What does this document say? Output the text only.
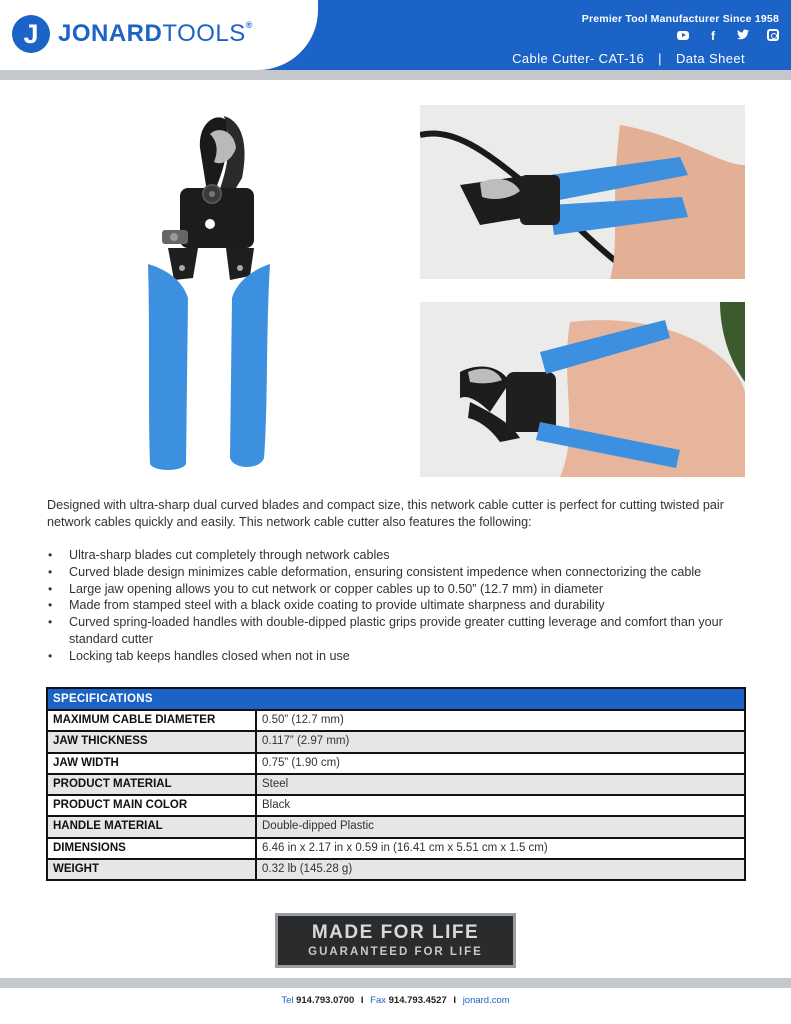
J JONARDTOOLS®	Premier Tool Manufacturer Since 1958
f
Cable Cutter- CAT-16 | Data Sheet

Designed with ultra-sharp dual curved blades and compact size, this network cable cutter is perfect for cutting twisted pair network cables quickly and easily. This network cable cutter also features the following:

• Ultra-sharp blades cut completely through network cables
• Curved blade design minimizes cable deformation, ensuring consistent impedence when connectorizing the cable
• Large jaw opening allows you to cut network or copper cables up to 0.50” (12.7 mm) in diameter
• Made from stamped steel with a black oxide coating to provide ultimate sharpness and durability
• Curved spring-loaded handles with double-dipped plastic grips provide greater cutting leverage and comfort than your standard cutter
• Locking tab keeps handles closed when not in use
SPECIFICATIONS
MAXIMUM CABLE DIAMETER	0.50” (12.7 mm)
JAW THICKNESS	0.117” (2.97 mm)
JAW WIDTH	0.75” (1.90 cm)
PRODUCT MATERIAL	Steel
PRODUCT MAIN COLOR	Black
HANDLE MATERIAL	Double-dipped Plastic
DIMENSIONS	6.46 in x 2.17 in x 0.59 in (16.41 cm x 5.51 cm x 1.5 cm)
WEIGHT	0.32 lb (145.28 g)
MADE FOR LIFE
GUARANTEED FOR LIFE
Tel 914.793.0700 I Fax 914.793.4527 I jonard.com
